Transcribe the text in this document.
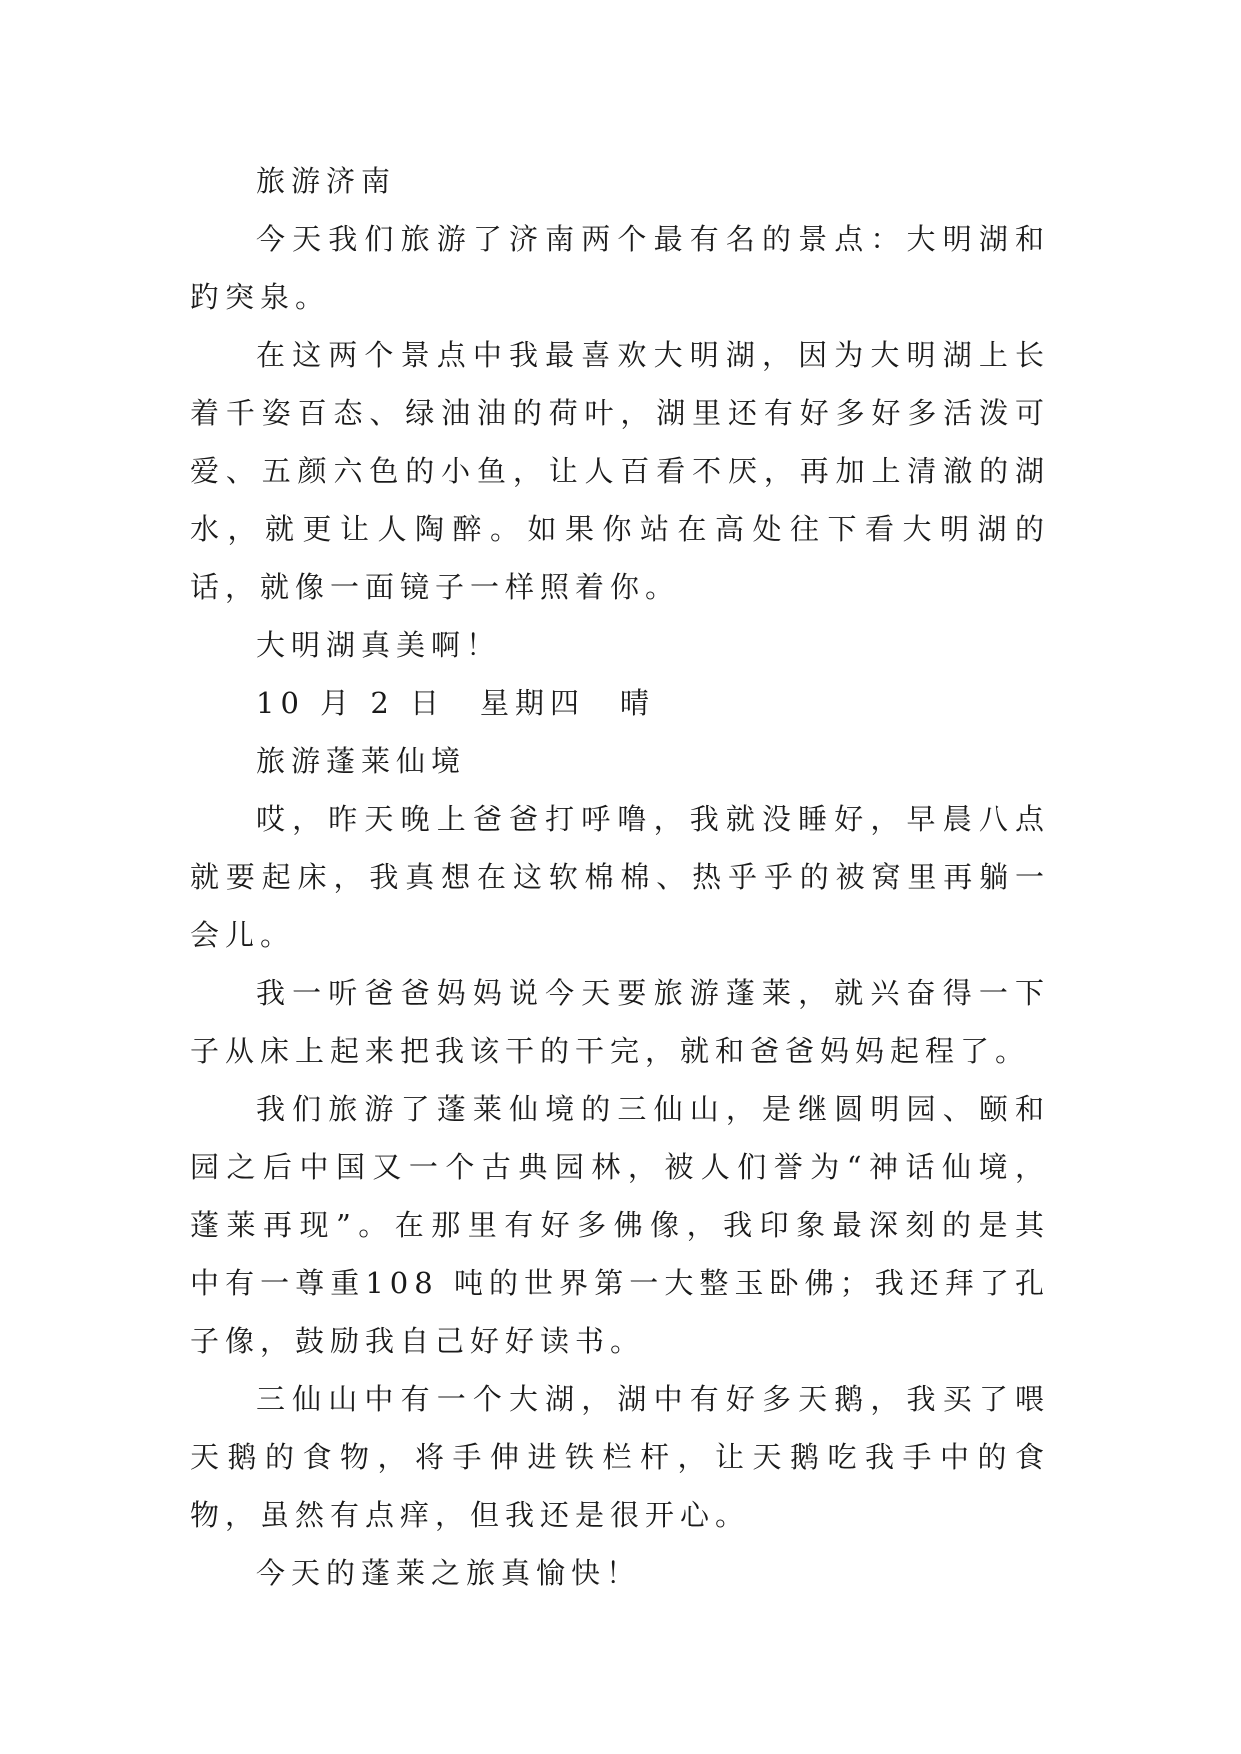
旅游济南

今天我们旅游了济南两个最有名的景点：大明湖和趵突泉。

在这两个景点中我最喜欢大明湖，因为大明湖上长着千姿百态、绿油油的荷叶，湖里还有好多好多活泼可爱、五颜六色的小鱼，让人百看不厌，再加上清澈的湖水，就更让人陶醉。如果你站在高处往下看大明湖的话，就像一面镜子一样照着你。

大明湖真美啊！

10 月 2 日　星期四　晴

旅游蓬莱仙境

哎，昨天晚上爸爸打呼噜，我就没睡好，早晨八点就要起床，我真想在这软棉棉、热乎乎的被窝里再躺一会儿。

我一听爸爸妈妈说今天要旅游蓬莱，就兴奋得一下子从床上起来把我该干的干完，就和爸爸妈妈起程了。

我们旅游了蓬莱仙境的三仙山，是继圆明园、颐和园之后中国又一个古典园林，被人们誉为“神话仙境，蓬莱再现”。在那里有好多佛像，我印象最深刻的是其中有一尊重108 吨的世界第一大整玉卧佛；我还拜了孔子像，鼓励我自己好好读书。

三仙山中有一个大湖，湖中有好多天鹅，我买了喂天鹅的食物，将手伸进铁栏杆，让天鹅吃我手中的食物，虽然有点痒，但我还是很开心。

今天的蓬莱之旅真愉快！
